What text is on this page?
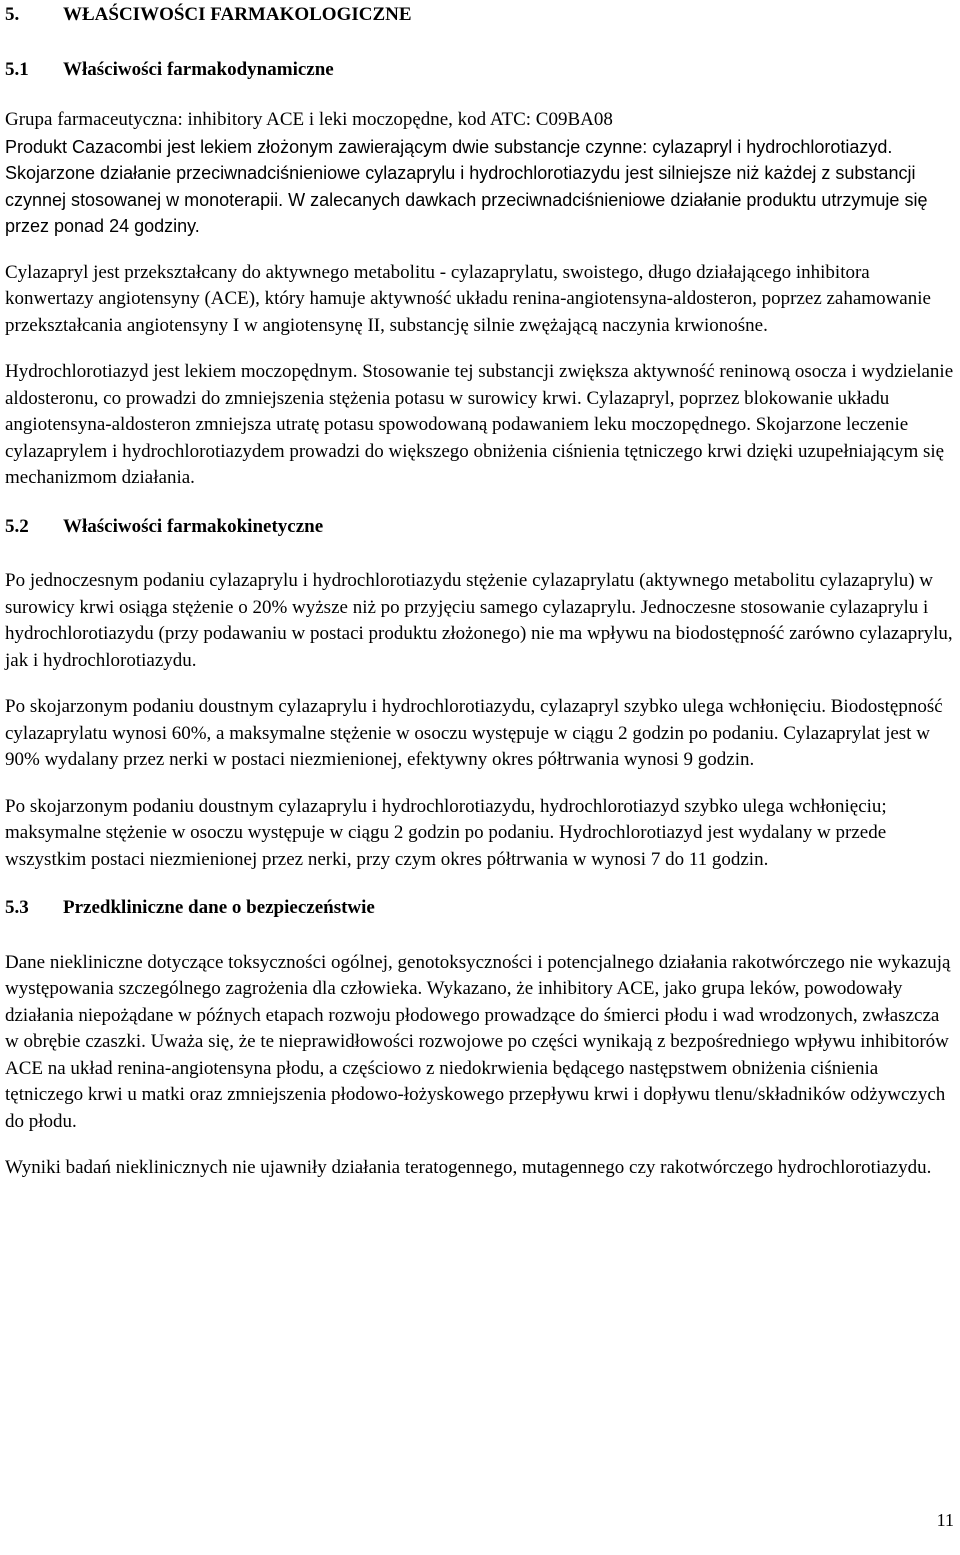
5. WŁAŚCIWOŚCI FARMAKOLOGICZNE
5.1 Właściwości farmakodynamiczne

Grupa farmaceutyczna: inhibitory ACE i leki moczopędne, kod ATC: C09BA08

Produkt Cazacombi jest lekiem złożonym zawierającym dwie substancje czynne: cylazapryl i hydrochlorotiazyd. Skojarzone działanie przeciwnadciśnieniowe cylazaprylu i hydrochlorotiazydu jest silniejsze niż każdej z substancji czynnej stosowanej w monoterapii. W zalecanych dawkach przeciwnadciśnieniowe działanie produktu utrzymuje się przez ponad 24 godziny.

Cylazapryl jest przekształcany do aktywnego metabolitu - cylazaprylatu, swoistego, długo działającego inhibitora konwertazy angiotensyny (ACE), który hamuje aktywność układu renina-angiotensyna-aldosteron, poprzez zahamowanie przekształcania angiotensyny I w angiotensynę II, substancję silnie zwężającą naczynia krwionośne.

Hydrochlorotiazyd jest lekiem moczopędnym. Stosowanie tej substancji zwiększa aktywność reninową osocza i wydzielanie aldosteronu, co prowadzi do zmniejszenia stężenia potasu w surowicy krwi. Cylazapryl, poprzez blokowanie układu angiotensyna-aldosteron zmniejsza utratę potasu spowodowaną podawaniem leku moczopędnego. Skojarzone leczenie cylazaprylem i hydrochlorotiazydem prowadzi do większego obniżenia ciśnienia tętniczego krwi dzięki uzupełniającym się mechanizmom działania.

5.2 Właściwości farmakokinetyczne

Po jednoczesnym podaniu cylazaprylu i hydrochlorotiazydu stężenie cylazaprylatu (aktywnego metabolitu cylazaprylu) w surowicy krwi osiąga stężenie o 20% wyższe niż po przyjęciu samego cylazaprylu. Jednoczesne stosowanie cylazaprylu i hydrochlorotiazydu (przy podawaniu w postaci produktu złożonego) nie ma wpływu na biodostępność zarówno cylazaprylu, jak i hydrochlorotiazydu.

Po skojarzonym podaniu doustnym cylazaprylu i hydrochlorotiazydu, cylazapryl szybko ulega wchłonięciu. Biodostępność cylazaprylatu wynosi 60%, a maksymalne stężenie w osoczu występuje w ciągu 2 godzin po podaniu. Cylazaprylat jest w 90% wydalany przez nerki w postaci niezmienionej, efektywny okres półtrwania wynosi 9 godzin.

Po skojarzonym podaniu doustnym cylazaprylu i hydrochlorotiazydu, hydrochlorotiazyd szybko ulega wchłonięciu; maksymalne stężenie w osoczu występuje w ciągu 2 godzin po podaniu. Hydrochlorotiazyd jest wydalany w przede wszystkim postaci niezmienionej przez nerki, przy czym okres półtrwania w wynosi 7 do 11 godzin.

5.3 Przedkliniczne dane o bezpieczeństwie

Dane niekliniczne dotyczące toksyczności ogólnej, genotoksyczności i potencjalnego działania rakotwórczego nie wykazują występowania szczególnego zagrożenia dla człowieka. Wykazano, że inhibitory ACE, jako grupa leków, powodowały działania niepożądane w późnych etapach rozwoju płodowego prowadzące do śmierci płodu i wad wrodzonych, zwłaszcza w obrębie czaszki. Uważa się, że te nieprawidłowości rozwojowe po części wynikają z bezpośredniego wpływu inhibitorów ACE na układ renina-angiotensyna płodu, a częściowo z niedokrwienia będącego następstwem obniżenia ciśnienia tętniczego krwi u matki oraz zmniejszenia płodowo-łożyskowego przepływu krwi i dopływu tlenu/składników odżywczych do płodu.

Wyniki badań nieklinicznych nie ujawniły działania teratogennego, mutagennego czy rakotwórczego hydrochlorotiazydu.

11
